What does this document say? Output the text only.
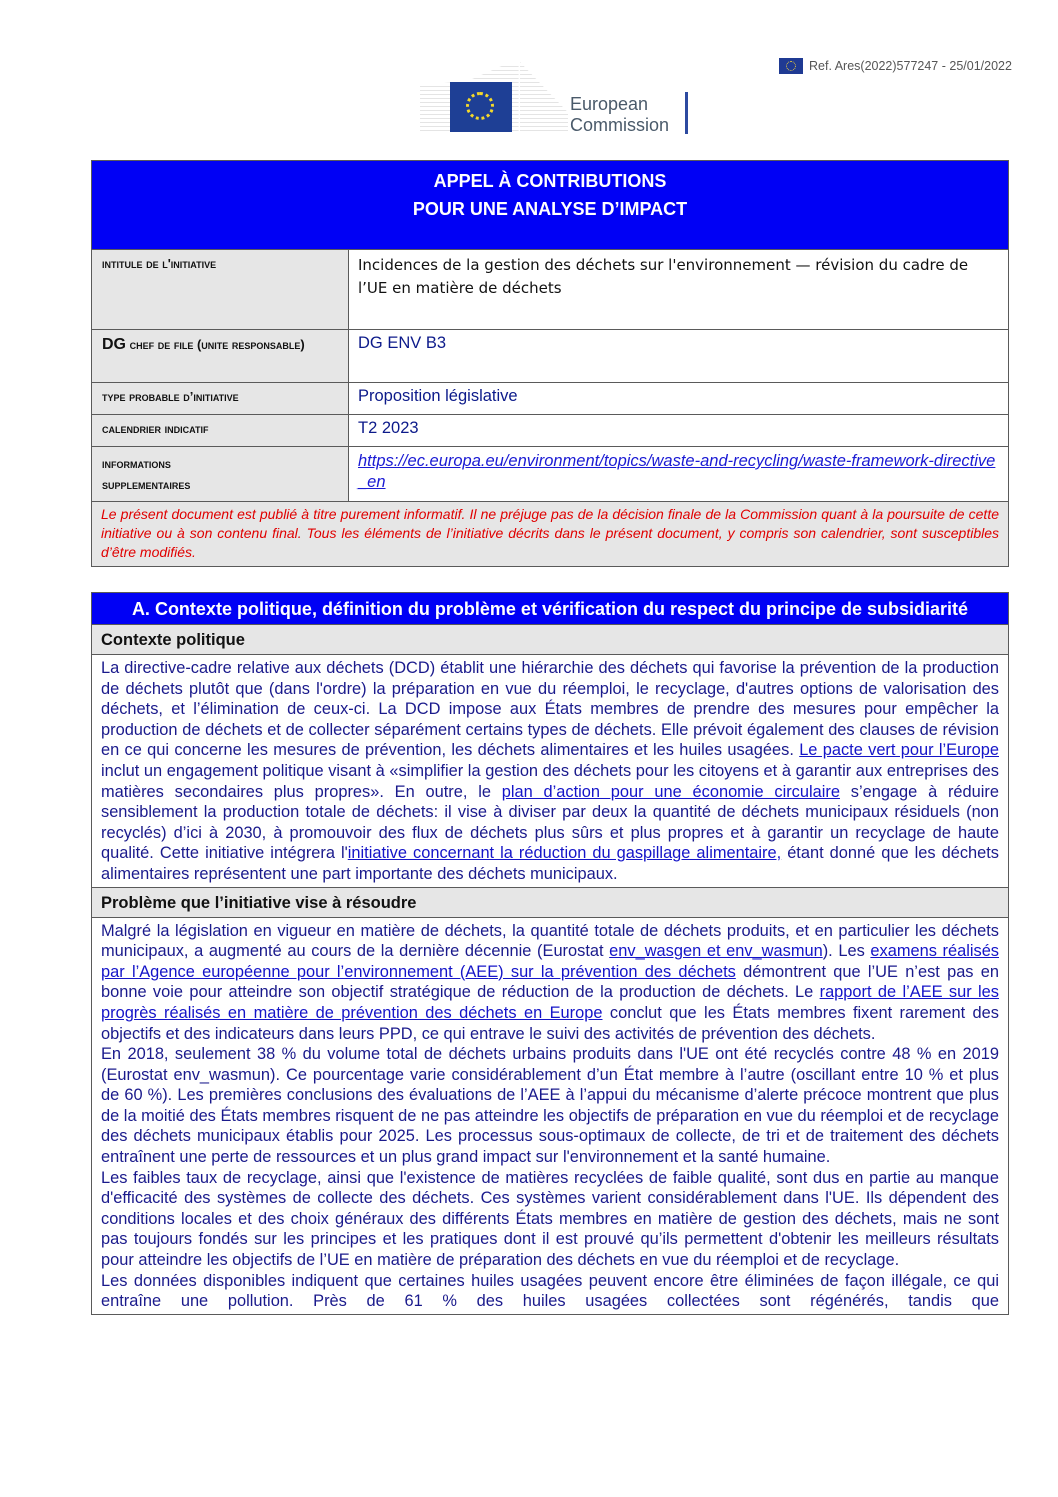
Ref. Ares(2022)577247 - 25/01/2022
European
Commission
APPEL À CONTRIBUTIONS
POUR UNE ANALYSE D’IMPACT	

intitule de l'initiative	Incidences de la gestion des déchets sur l'environnement — révision du cadre de l’UE en matière de déchets
DG chef de file (unite responsable)	DG ENV B3
type probable d’initiative	Proposition législative
calendrier indicatif	T2 2023
informations supplementaires	https://ec.europa.eu/environment/topics/waste-and-recycling/waste-framework-directive_en
Le présent document est publié à titre purement informatif. Il ne préjuge pas de la décision finale de la Commission quant à la poursuite de cette initiative ou à son contenu final. Tous les éléments de l’initiative décrits dans le présent document, y compris son calendrier, sont susceptibles d’être modifiés.	
A. Contexte politique, définition du problème et vérification du respect du principe de subsidiarité
Contexte politique

La directive-cadre relative aux déchets (DCD) établit une hiérarchie des déchets qui favorise la prévention de la production de déchets plutôt que (dans l'ordre) la préparation en vue du réemploi, le recyclage, d'autres options de valorisation des déchets, et l’élimination de ceux-ci. La DCD impose aux États membres de prendre des mesures pour empêcher la production de déchets et de collecter séparément certains types de déchets. Elle prévoit également des clauses de révision en ce qui concerne les mesures de prévention, les déchets alimentaires et les huiles usagées. Le pacte vert pour l’Europe inclut un engagement politique visant à «simplifier la gestion des déchets pour les citoyens et à garantir aux entreprises des matières secondaires plus propres». En outre, le plan d’action pour une économie circulaire s’engage à réduire sensiblement la production totale de déchets: il vise à diviser par deux la quantité de déchets municipaux résiduels (non recyclés) d’ici à 2030, à promouvoir des flux de déchets plus sûrs et plus propres et à garantir un recyclage de haute qualité. Cette initiative intégrera l'initiative concernant la réduction du gaspillage alimentaire, étant donné que les déchets alimentaires représentent une part importante des déchets municipaux.

Problème que l’initiative vise à résoudre

Malgré la législation en vigueur en matière de déchets, la quantité totale de déchets produits, et en particulier les déchets municipaux, a augmenté au cours de la dernière décennie (Eurostat env_wasgen et env_wasmun). Les examens réalisés par l’Agence européenne pour l’environnement (AEE) sur la prévention des déchets démontrent que l’UE n’est pas en bonne voie pour atteindre son objectif stratégique de réduction de la production de déchets. Le rapport de l’AEE sur les progrès réalisés en matière de prévention des déchets en Europe conclut que les États membres fixent rarement des objectifs et des indicateurs dans leurs PPD, ce qui entrave le suivi des activités de prévention des déchets.

En 2018, seulement 38 % du volume total de déchets urbains produits dans l'UE ont été recyclés contre 48 % en 2019 (Eurostat env_wasmun). Ce pourcentage varie considérablement d’un État membre à l’autre (oscillant entre 10 % et plus de 60 %). Les premières conclusions des évaluations de l’AEE à l’appui du mécanisme d’alerte précoce montrent que plus de la moitié des États membres risquent de ne pas atteindre les objectifs de préparation en vue du réemploi et de recyclage des déchets municipaux établis pour 2025. Les processus sous-optimaux de collecte, de tri et de traitement des déchets entraînent une perte de ressources et un plus grand impact sur l'environnement et la santé humaine.

Les faibles taux de recyclage, ainsi que l'existence de matières recyclées de faible qualité, sont dus en partie au manque d'efficacité des systèmes de collecte des déchets. Ces systèmes varient considérablement dans l'UE. Ils dépendent des conditions locales et des choix généraux des différents États membres en matière de gestion des déchets, mais ne sont pas toujours fondés sur les principes et les pratiques dont il est prouvé qu’ils permettent d'obtenir les meilleurs résultats pour atteindre les objectifs de l’UE en matière de préparation des déchets en vue du réemploi et de recyclage.

Les données disponibles indiquent que certaines huiles usagées peuvent encore être éliminées de façon illégale, ce qui entraîne une pollution. Près de 61 % des huiles usagées collectées sont régénérés, tandis que
